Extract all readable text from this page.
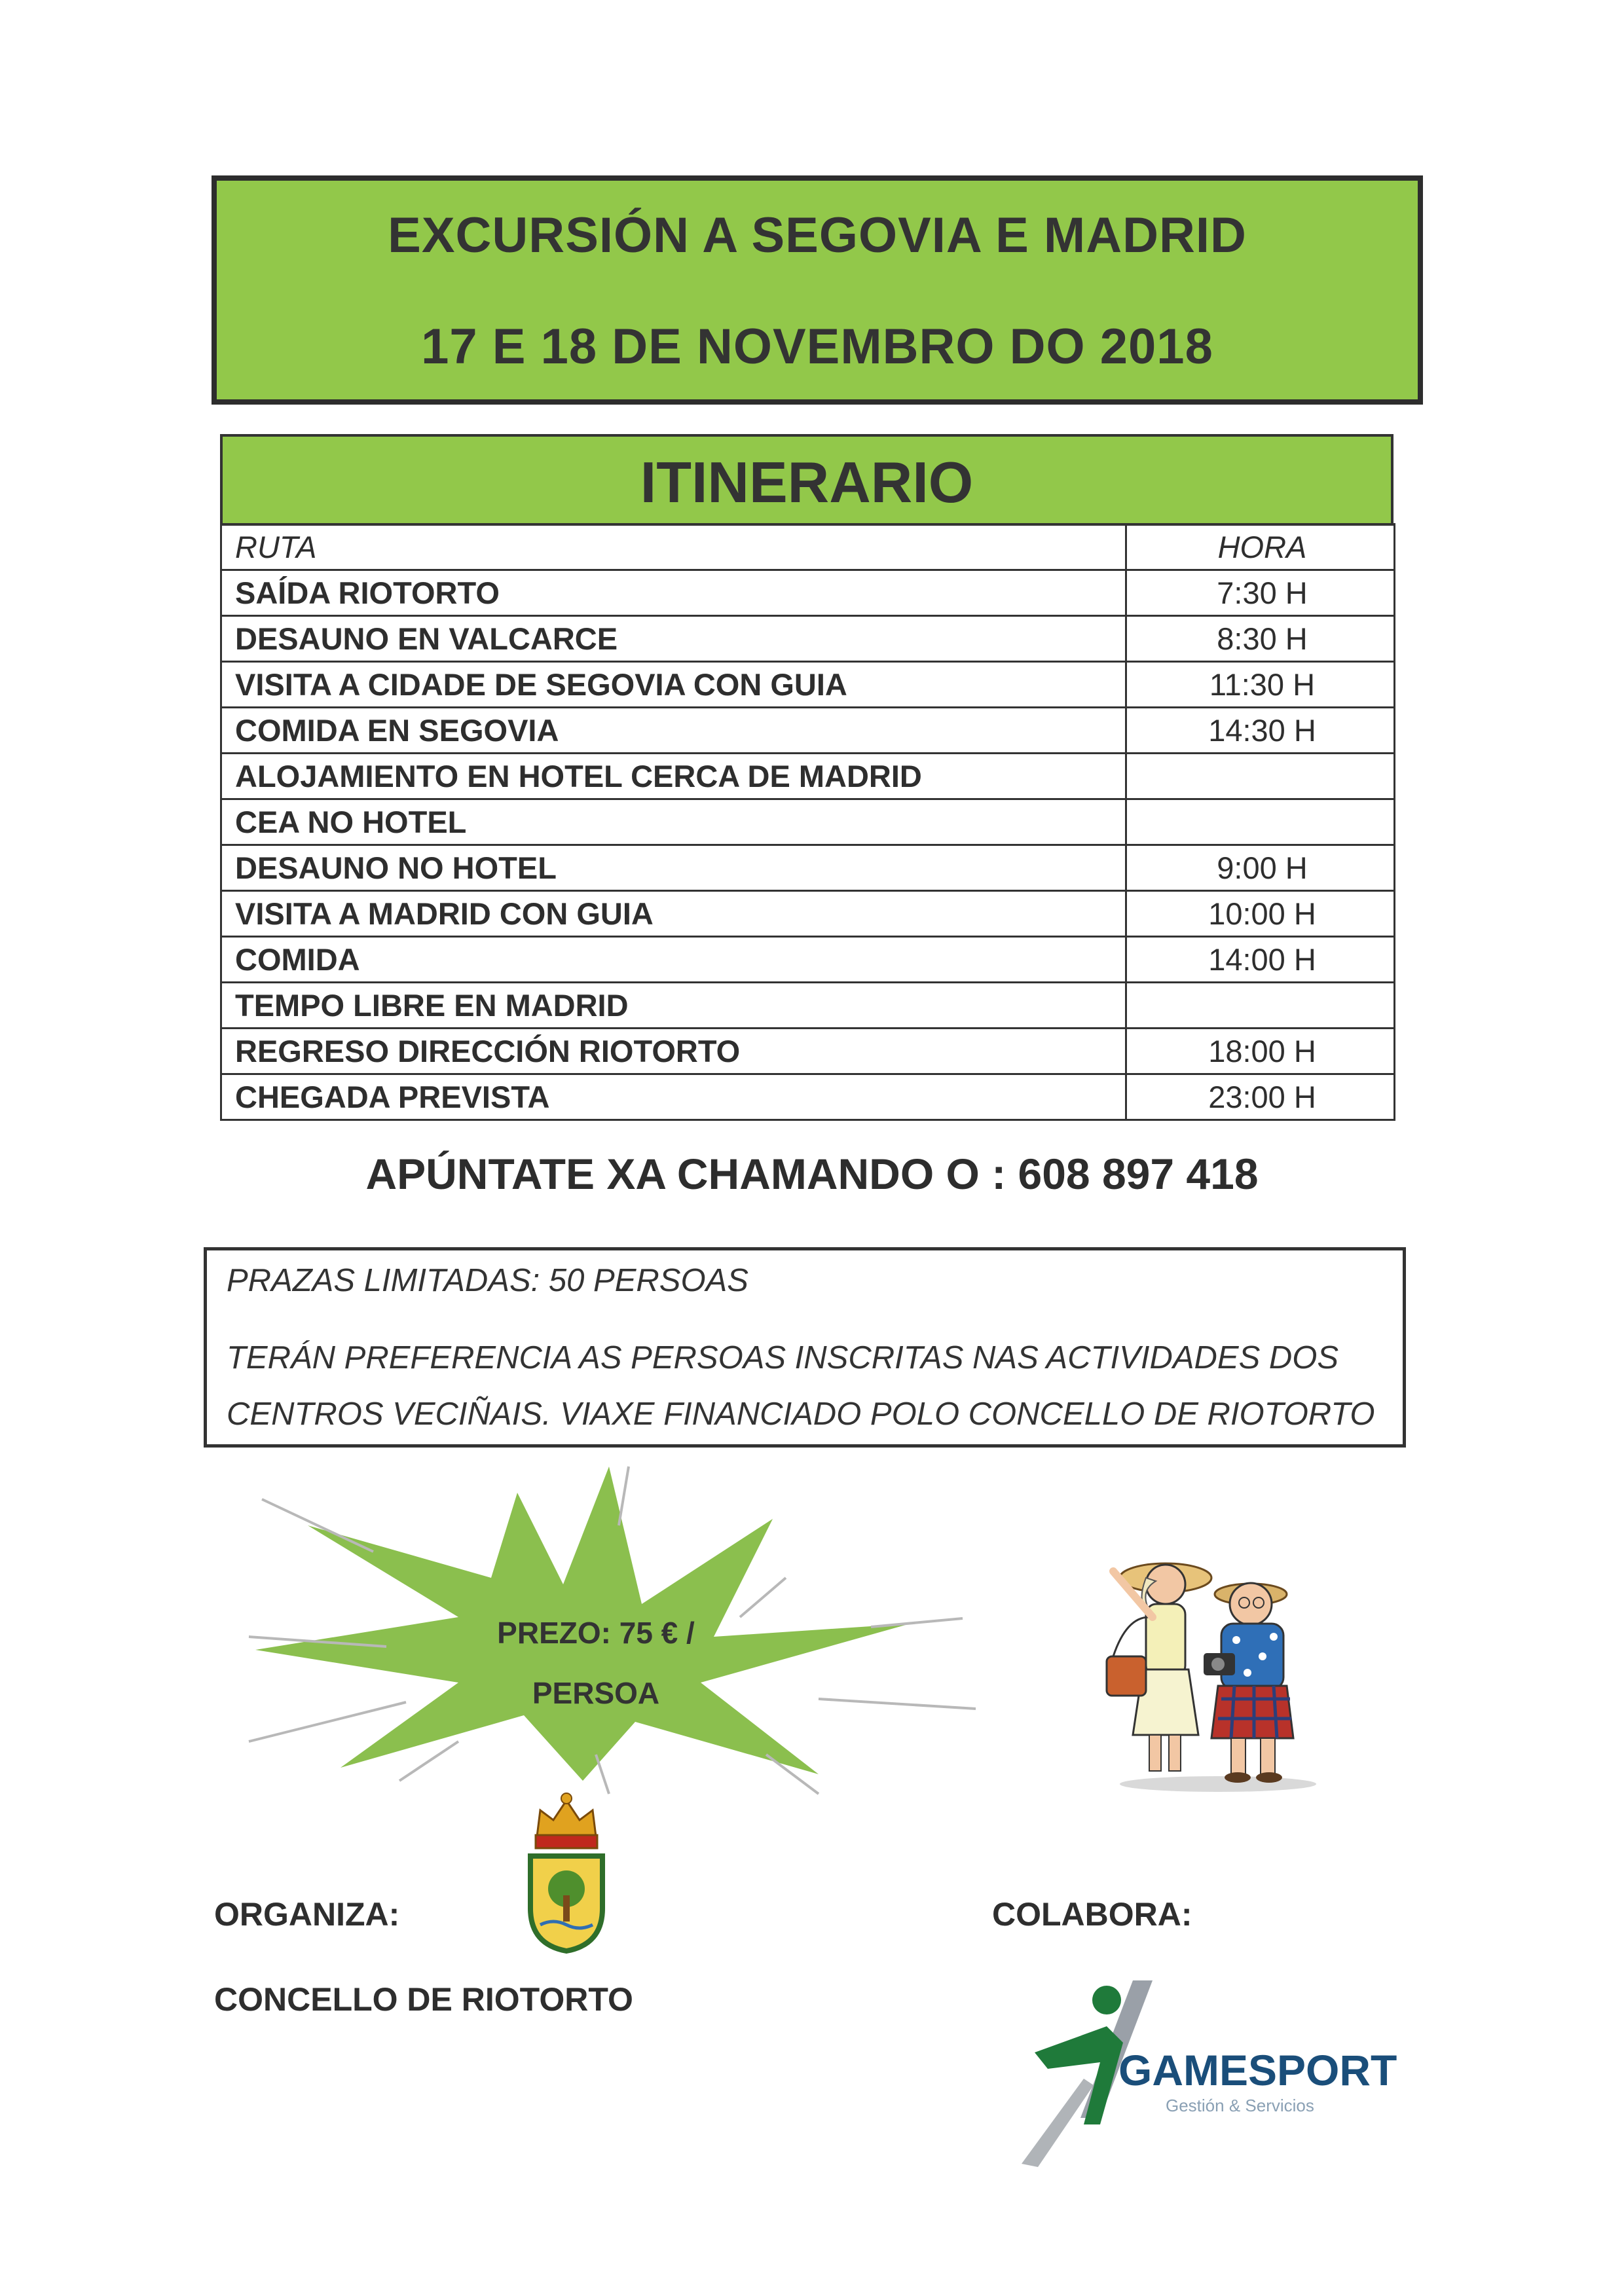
EXCURSIÓN A SEGOVIA E MADRID
17 E 18 DE NOVEMBRO DO 2018
ITINERARIO
RUTA	HORA
SAÍDA RIOTORTO	7:30 H
DESAUNO EN VALCARCE	8:30 H
VISITA A CIDADE DE SEGOVIA CON GUIA	11:30 H
COMIDA EN SEGOVIA	14:30 H
ALOJAMIENTO EN HOTEL CERCA DE MADRID	
CEA NO HOTEL	
DESAUNO NO HOTEL	9:00 H
VISITA A MADRID CON GUIA	10:00 H
COMIDA	14:00 H
TEMPO LIBRE EN MADRID	
REGRESO DIRECCIÓN RIOTORTO	18:00 H
CHEGADA PREVISTA	23:00 H
APÚNTATE XA CHAMANDO O : 608 897 418

PRAZAS LIMITADAS: 50 PERSOAS

TERÁN PREFERENCIA AS PERSOAS INSCRITAS NAS ACTIVIDADES DOS

CENTROS VECIÑAIS. VIAXE FINANCIADO POLO CONCELLO DE RIOTORTO

PREZO: 75 € /
PERSOA
ORGANIZA:
CONCELLO DE RIOTORTO
COLABORA:
GAMESPORT
Gestión & Servicios
